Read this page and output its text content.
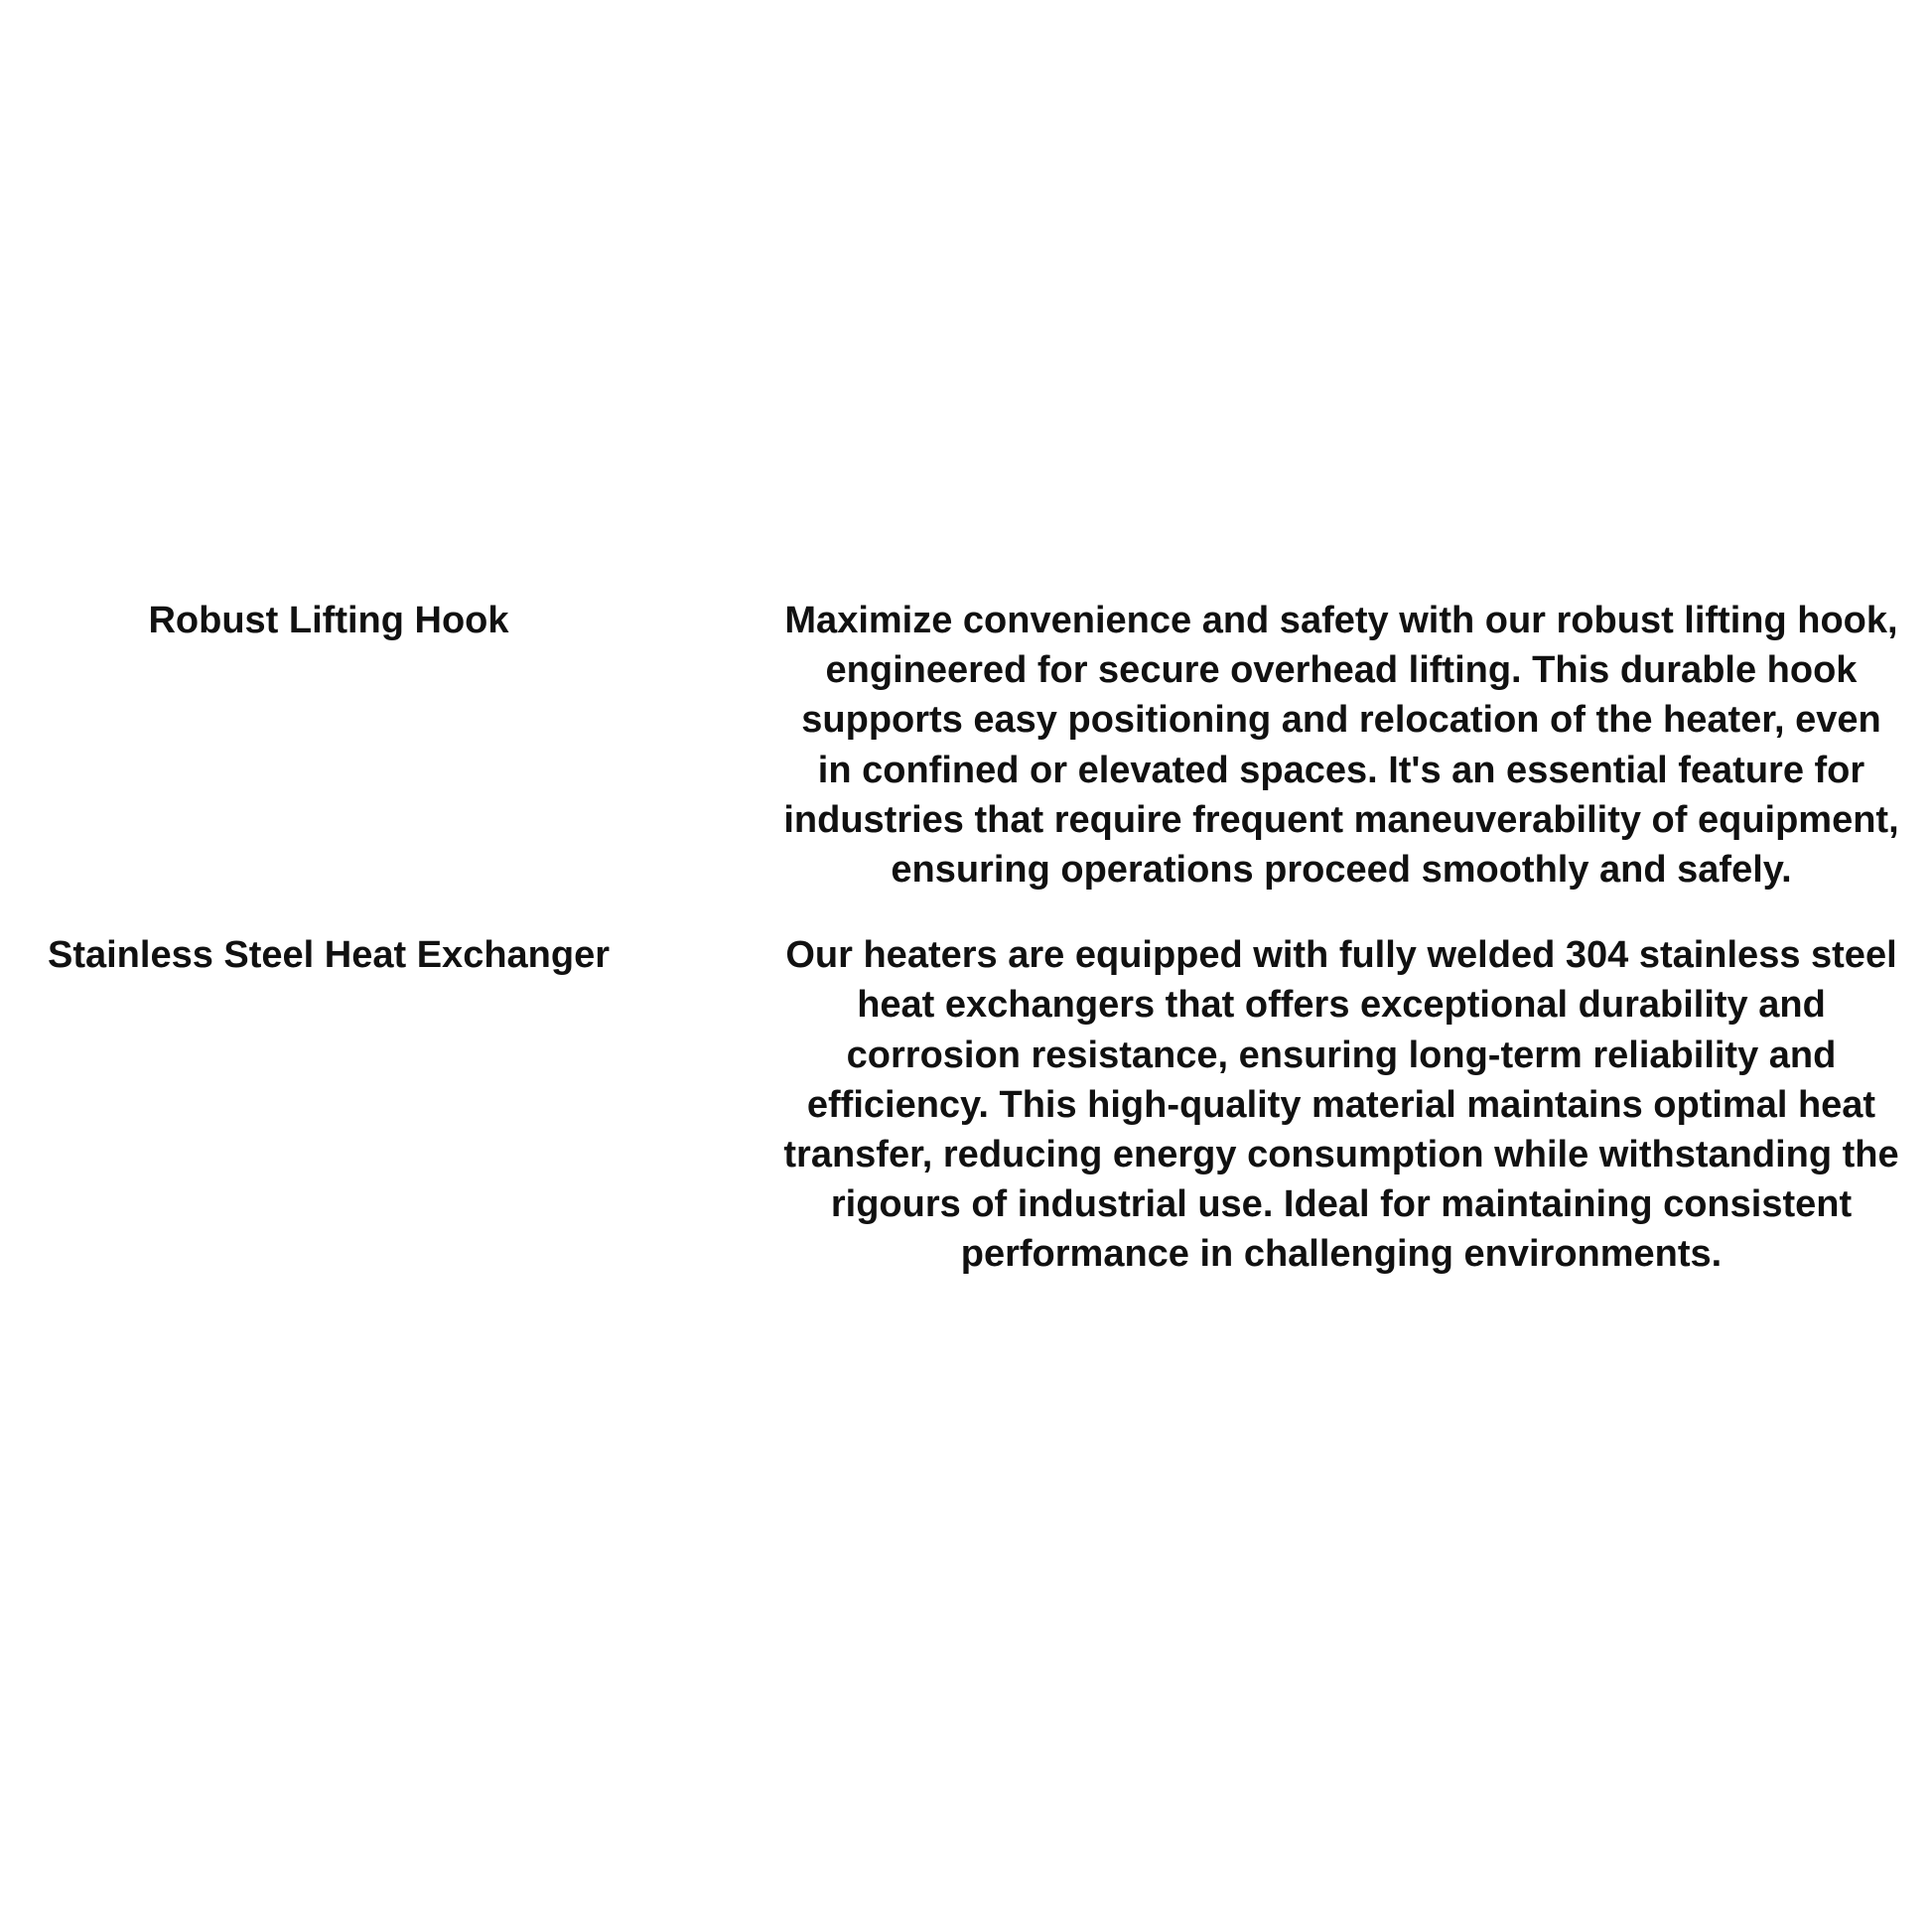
Robust Lifting Hook	Maximize convenience and safety with our robust lifting hook, engineered for secure overhead lifting. This durable hook supports easy positioning and relocation of the heater, even in confined or elevated spaces. It's an essential feature for industries that require frequent maneuverability of equipment, ensuring operations proceed smoothly and safely.
Stainless Steel Heat Exchanger	Our heaters are equipped with fully welded 304 stainless steel heat exchangers that offers exceptional durability and corrosion resistance, ensuring long-term reliability and efficiency. This high-quality material maintains optimal heat transfer, reducing energy consumption while withstanding the rigours of industrial use. Ideal for maintaining consistent performance in challenging environments.
